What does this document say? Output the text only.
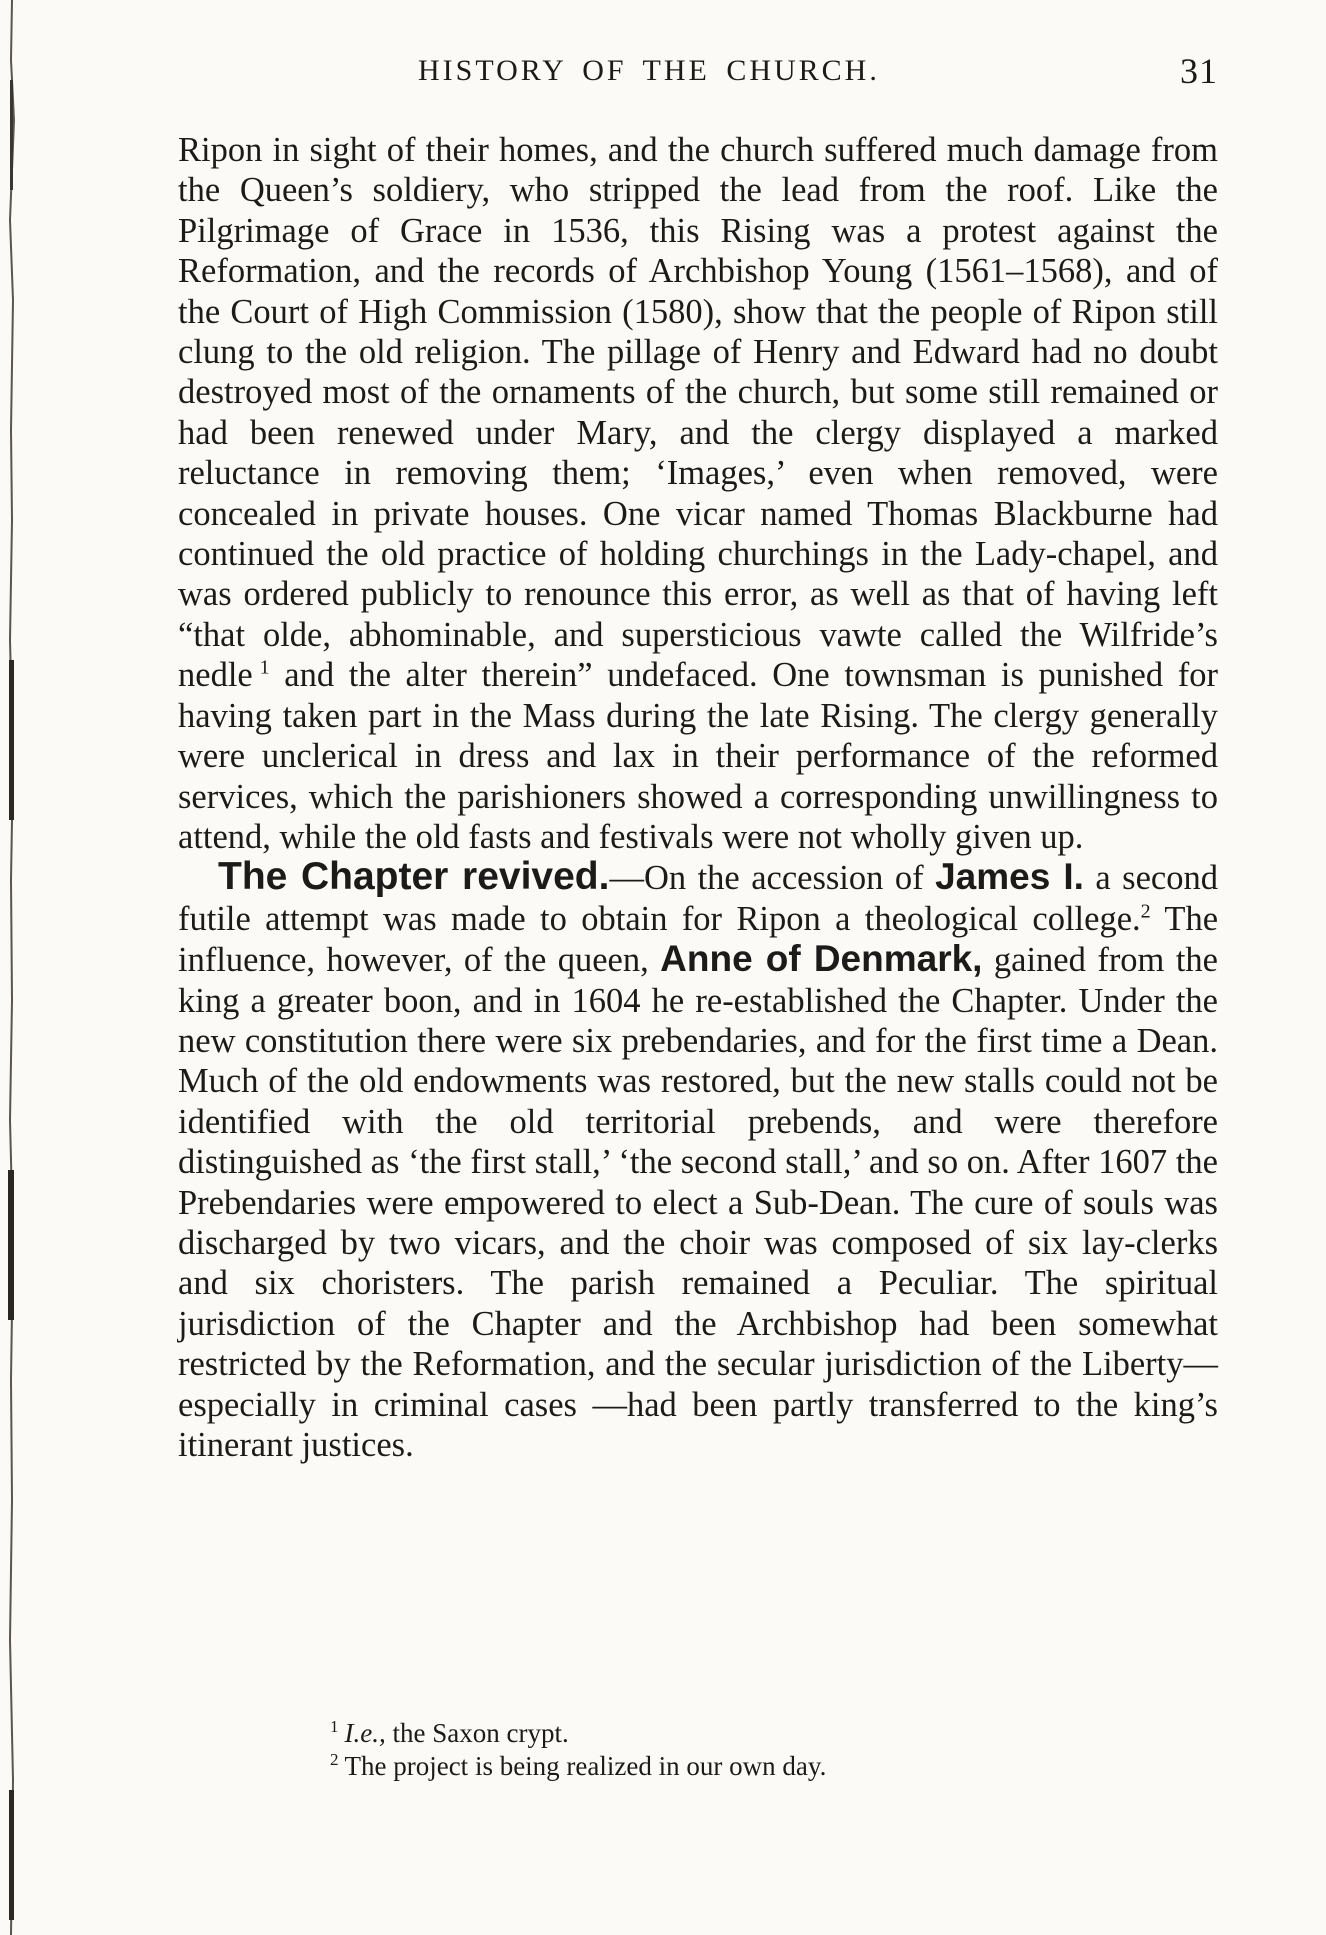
HISTORY OF THE CHURCH.	31

Ripon in sight of their homes, and the church suffered much damage from the Queen’s soldiery, who stripped the lead from the roof. Like the Pilgrimage of Grace in 1536, this Rising was a protest against the Reformation, and the records of Archbishop Young (1561–1568), and of the Court of High Commission (1580), show that the people of Ripon still clung to the old religion. The pillage of Henry and Edward had no doubt destroyed most of the ornaments of the church, but some still remained or had been renewed under Mary, and the clergy displayed a marked reluctance in removing them; ‘Images,’ even when removed, were concealed in private houses. One vicar named Thomas Blackburne had continued the old practice of holding churchings in the Lady-chapel, and was ordered publicly to renounce this error, as well as that of having left “that olde, abhominable, and supersticious vawte called the Wilfride’s nedle  $^1$ and the alter therein” undefaced. One townsman is punished for having taken part in the Mass during the late Rising. The clergy generally were unclerical in dress and lax in their performance of the reformed services, which the parishioners showed a corresponding unwillingness to attend, while the old fasts and festivals were not wholly given up.

The Chapter revived.—On the accession of James I. a second futile attempt was made to obtain for Ripon a theological college.$^2$ The influence, however, of the queen, Anne of Denmark, gained from the king a greater boon, and in 1604 he re-established the Chapter. Under the new constitution there were six prebendaries, and for the first time a Dean. Much of the old endowments was restored, but the new stalls could not be identified with the old territorial prebends, and were therefore distinguished as ‘the first stall,’ ‘the second stall,’ and so on. After 1607 the Prebendaries were empowered to elect a Sub-Dean. The cure of souls was discharged by two vicars, and the choir was composed of six lay-clerks and six choristers. The parish remained a Peculiar. The spiritual jurisdiction of the Chapter and the Archbishop had been somewhat restricted by the Reformation, and the secular jurisdiction of the Liberty—especially in criminal cases —had been partly transferred to the king’s itinerant justices.

$^1$ I.e., the Saxon crypt.
$^2$ The project is being realized in our own day.
